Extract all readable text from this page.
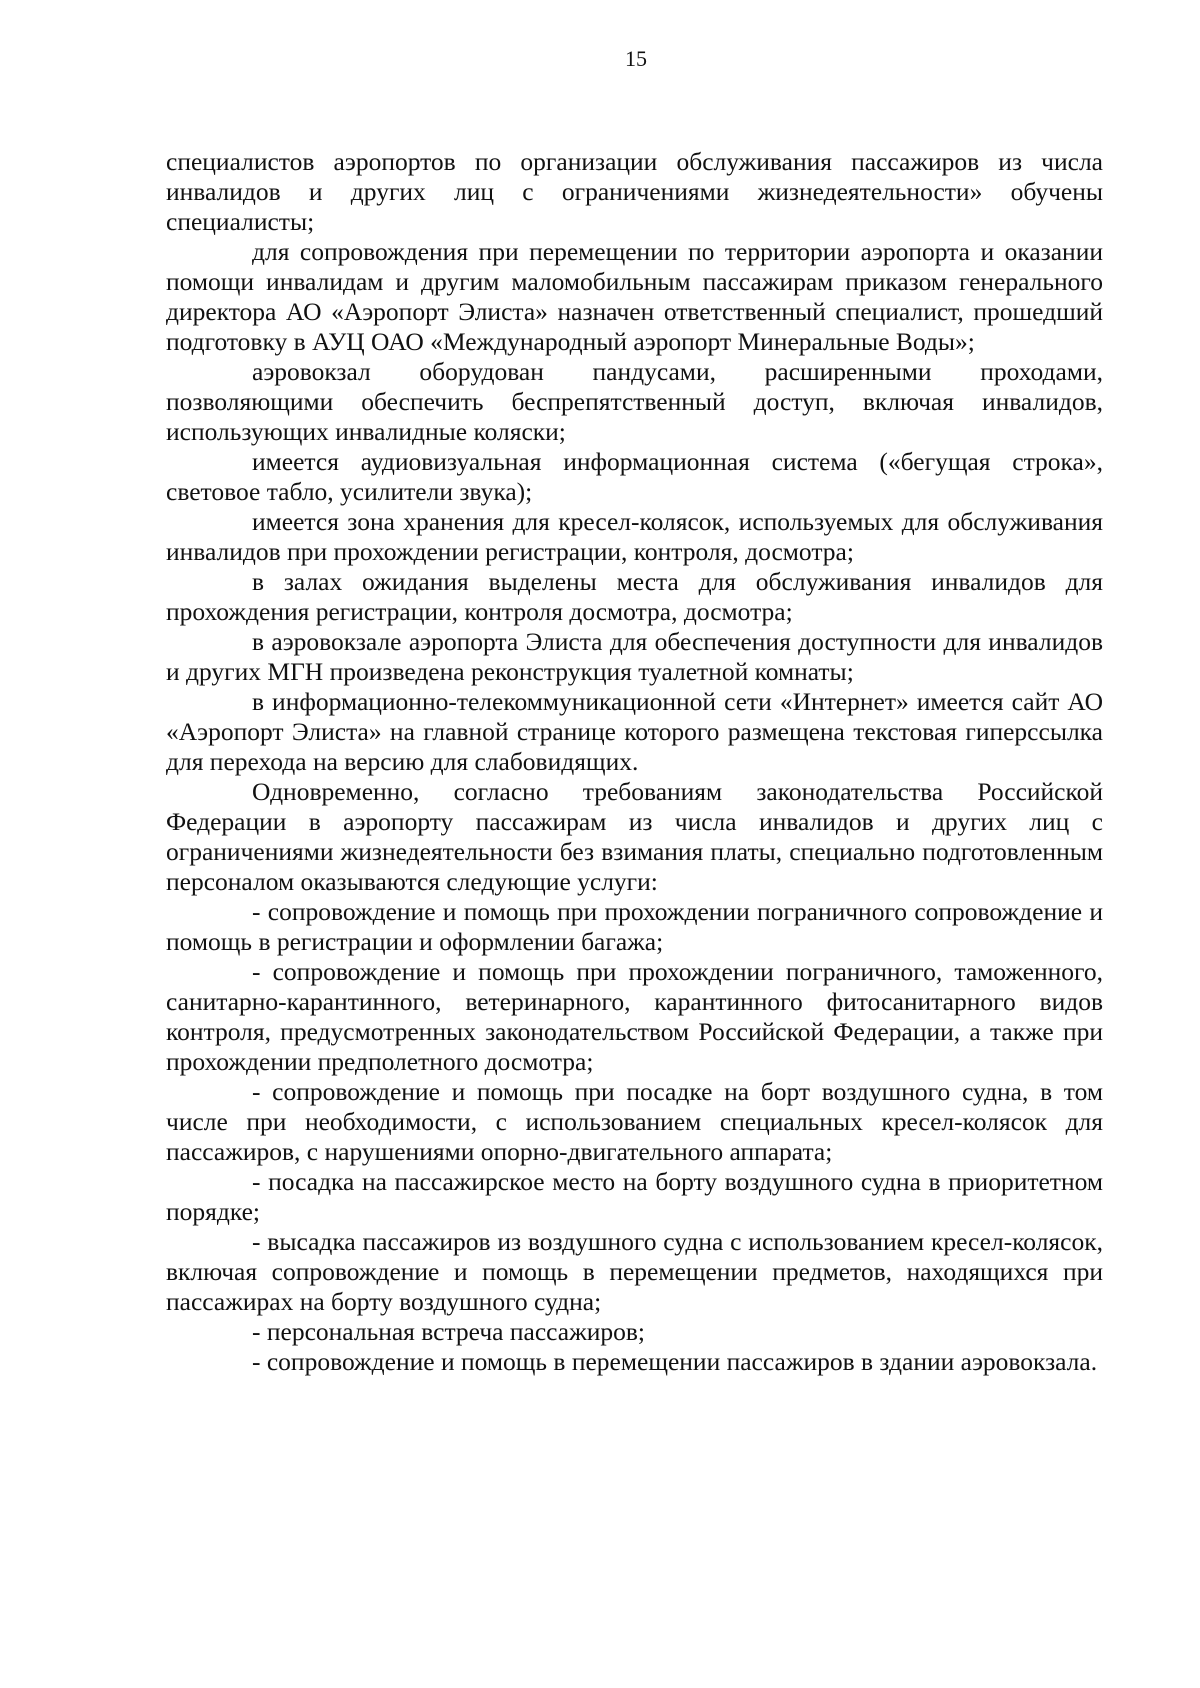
15

специалистов аэропортов по организации обслуживания пассажиров из числа инвалидов и других лиц с ограничениями жизнедеятельности» обучены специалисты;

для сопровождения при перемещении по территории аэропорта и оказании помощи инвалидам и другим маломобильным пассажирам приказом генерального директора АО «Аэропорт Элиста» назначен ответственный специалист, прошедший подготовку в АУЦ ОАО «Международный аэропорт Минеральные Воды»;

аэровокзал оборудован пандусами, расширенными проходами, позволяющими обеспечить беспрепятственный доступ, включая инвалидов, использующих инвалидные коляски;

имеется аудиовизуальная информационная система («бегущая строка», световое табло, усилители звука);

имеется зона хранения для кресел-колясок, используемых для обслуживания инвалидов при прохождении регистрации, контроля, досмотра;

в залах ожидания выделены места для обслуживания инвалидов для прохождения регистрации, контроля досмотра, досмотра;

в аэровокзале аэропорта Элиста для обеспечения доступности для инвалидов и других МГН произведена реконструкция туалетной комнаты;

в информационно-телекоммуникационной сети «Интернет» имеется сайт АО «Аэропорт Элиста» на главной странице которого размещена текстовая гиперссылка для перехода на версию для слабовидящих.

Одновременно, согласно требованиям законодательства Российской Федерации в аэропорту пассажирам из числа инвалидов и других лиц с ограничениями жизнедеятельности без взимания платы, специально подготовленным персоналом оказываются следующие услуги:

- сопровождение и помощь при прохождении пограничного сопровождение и помощь в регистрации и оформлении багажа;

- сопровождение и помощь при прохождении пограничного, таможенного, санитарно-карантинного, ветеринарного, карантинного фитосанитарного видов контроля, предусмотренных законодательством Российской Федерации, а также при прохождении предполетного досмотра;

- сопровождение и помощь при посадке на борт воздушного судна, в том числе при необходимости, с использованием специальных кресел-колясок для пассажиров, с нарушениями опорно-двигательного аппарата;

- посадка на пассажирское место на борту воздушного судна в приоритетном порядке;

- высадка пассажиров из воздушного судна с использованием кресел-колясок, включая сопровождение и помощь в перемещении предметов, находящихся при пассажирах на борту воздушного судна;

- персональная встреча пассажиров;

- сопровождение и помощь в перемещении пассажиров в здании аэровокзала.
